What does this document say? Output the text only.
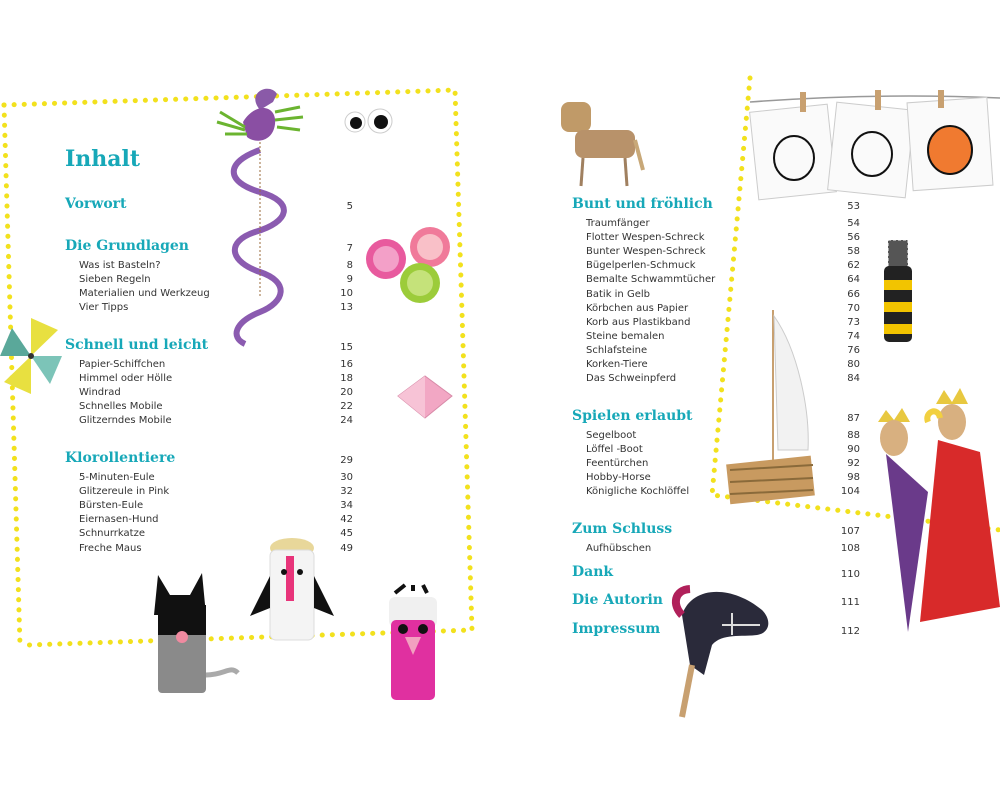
Inhalt
Vorwort	5
Die Grundlagen	7
Was ist Basteln?	8
Sieben Regeln	9
Materialien und Werkzeug	10
Vier Tipps	13
Schnell und leicht	15
Papier-Schiffchen	16
Himmel oder Hölle	18
Windrad	20
Schnelles Mobile	22
Glitzerndes Mobile	24
Klorollentiere	29
5-Minuten-Eule	30
Glitzereule in Pink	32
Bürsten-Eule	34
Eiernasen-Hund	42
Schnurrkatze	45
Freche Maus	49
Bunt und fröhlich	53
Traumfänger	54
Flotter Wespen-Schreck	56
Bunter Wespen-Schreck	58
Bügelperlen-Schmuck	62
Bemalte Schwammtücher	64
Batik in Gelb	66
Körbchen aus Papier	70
Korb aus Plastikband	73
Steine bemalen	74
Schlafsteine	76
Korken-Tiere	80
Das Schweinpferd	84
Spielen erlaubt	87
Segelboot	88
Löffel -Boot	90
Feentürchen	92
Hobby-Horse	98
Königliche Kochlöffel	104
Zum Schluss	107
Aufhübschen	108
Dank	110
Die Autorin	111
Impressum	112
